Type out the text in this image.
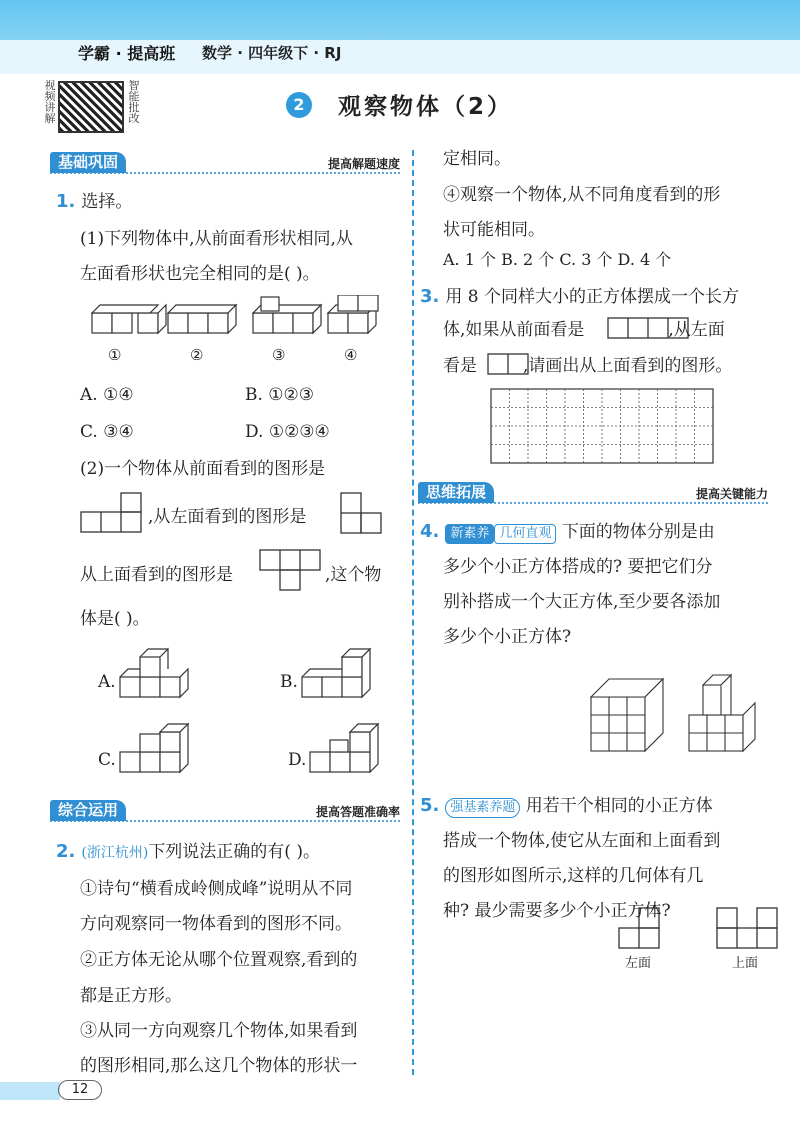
学霸 · 提高班 数学 · 四年级下 · RJ
视频讲解
智能批改
2	观察物体（2）
基础巩固	提高解题速度
1. 选择。
(1)下列物体中,从前面看形状相同,从
左面看形状也完全相同的是( )。
①	②	③	④
A. ①④	B. ①②③
C. ③④	D. ①②③④
(2)一个物体从前面看到的图形是
,从左面看到的图形是
从上面看到的图形是	,这个物
体是( )。
A.	B.
C.	D.
综合运用	提高答题准确率
2. (浙江杭州)下列说法正确的有( )。
①诗句“横看成岭侧成峰”说明从不同
方向观察同一物体看到的图形不同。
②正方体无论从哪个位置观察,看到的
都是正方形。
③从同一方向观察几个物体,如果看到
的图形相同,那么这几个物体的形状一
定相同。
④观察一个物体,从不同角度看到的形
状可能相同。
A. 1 个 B. 2 个 C. 3 个 D. 4 个
3. 用 8 个同样大小的正方体摆成一个长方
体,如果从前面看是	,从左面
看是	,请画出从上面看到的图形。
思维拓展	提高关键能力
4. 新素养 几何直观 下面的物体分别是由
多少个小正方体搭成的? 要把它们分
别补搭成一个大正方体,至少要各添加
多少个小正方体?
5. 强基素养题 用若干个相同的小正方体
搭成一个物体,使它从左面和上面看到
的图形如图所示,这样的几何体有几
种? 最少需要多少个小正方体?
左面	上面
12
